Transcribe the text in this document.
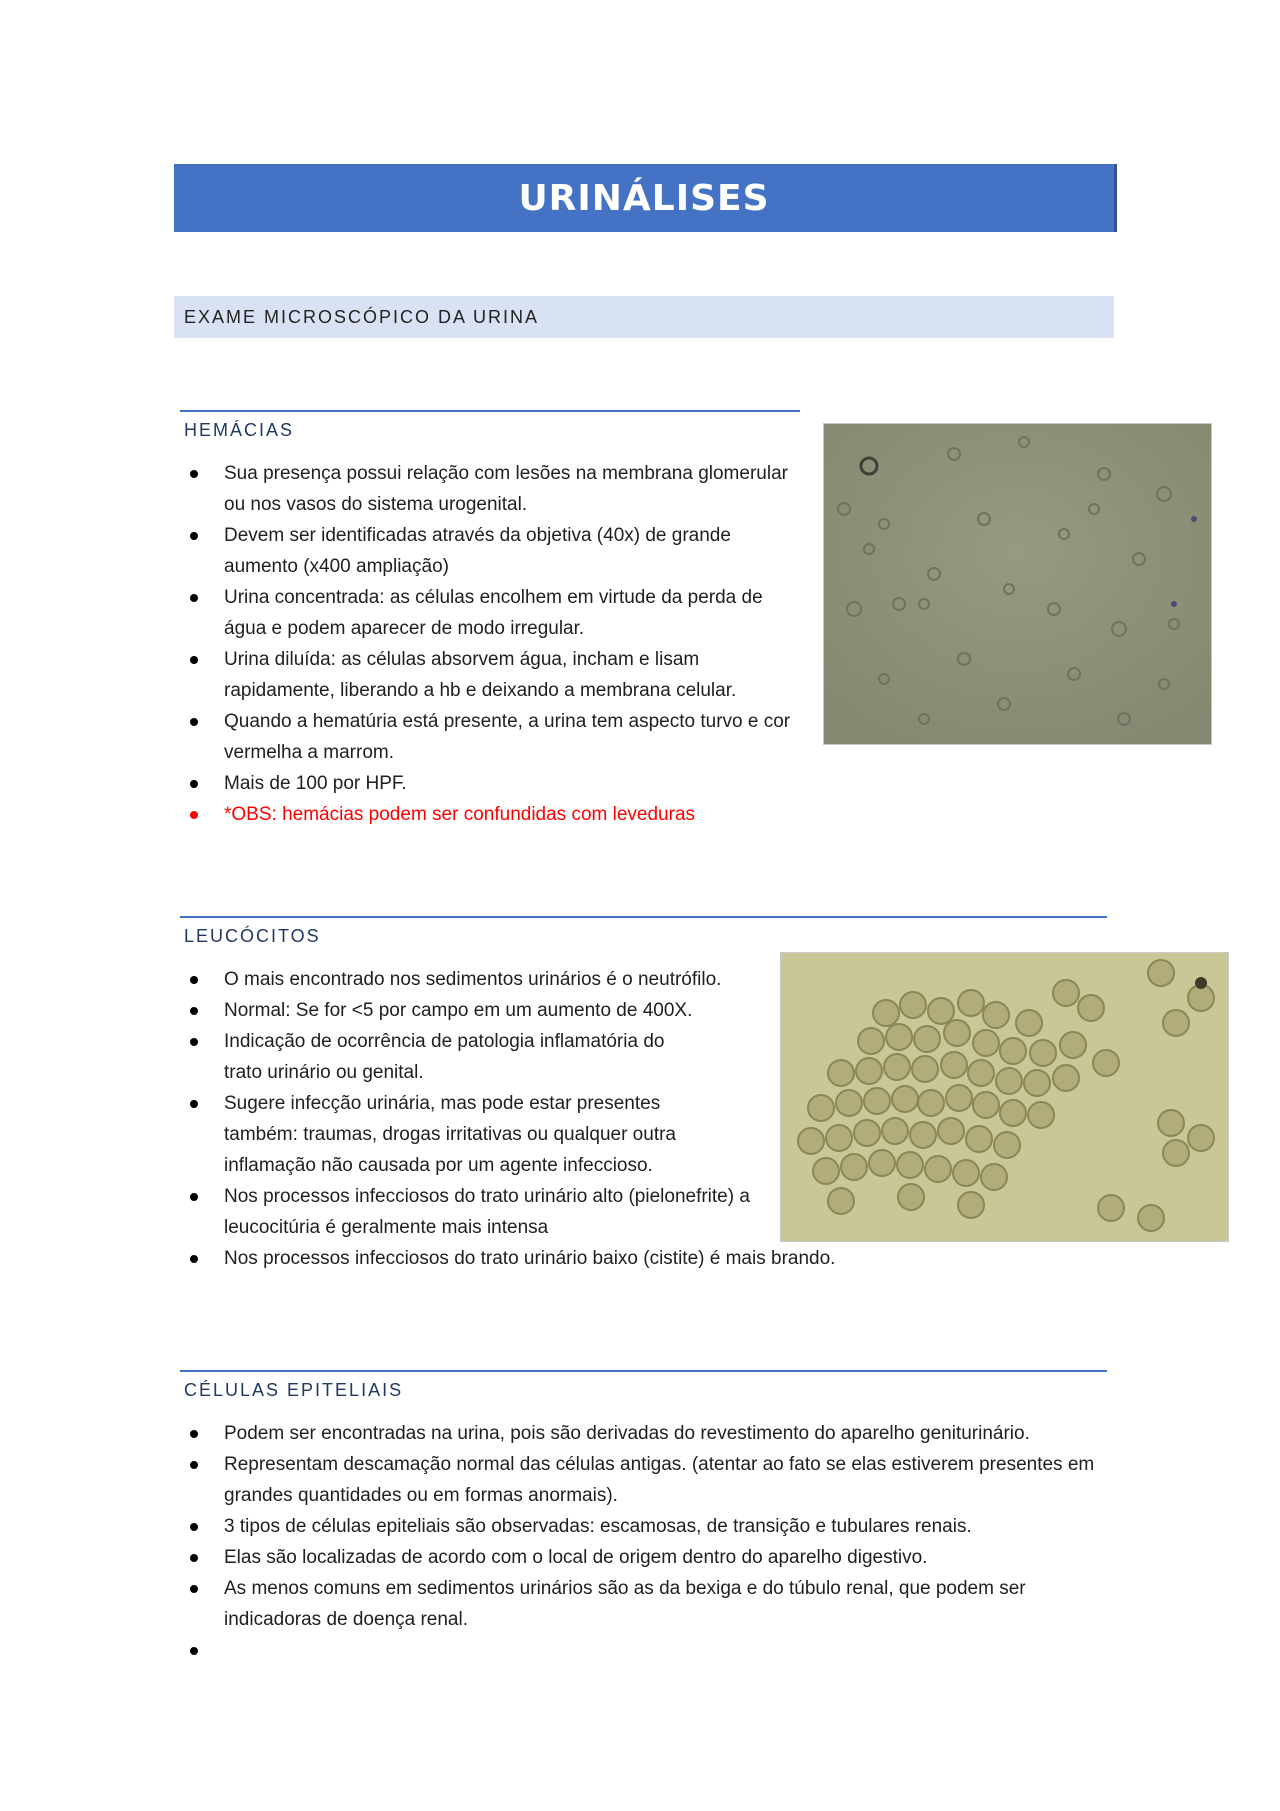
URINÁLISES
EXAME MICROSCÓPICO DA URINA
HEMÁCIAS
Sua presença possui relação com lesões na membrana glomerular ou nos vasos do sistema urogenital.
Devem ser identificadas através da objetiva (40x) de grande aumento (x400 ampliação)
Urina concentrada: as células encolhem em virtude da perda de água e podem aparecer de modo irregular.
Urina diluída: as células absorvem água, incham e lisam rapidamente, liberando a hb e deixando a membrana celular.
Quando a hematúria está presente, a urina tem aspecto turvo e cor vermelha a marrom.
Mais de 100 por HPF.
*OBS: hemácias podem ser confundidas com leveduras
LEUCÓCITOS
O mais encontrado nos sedimentos urinários é o neutrófilo.
Normal: Se for <5 por campo em um aumento de 400X.
Indicação de ocorrência de patologia inflamatória do trato urinário ou genital.
Sugere infecção urinária, mas pode estar presentes também: traumas, drogas irritativas ou qualquer outra inflamação não causada por um agente infeccioso.
Nos processos infecciosos do trato urinário alto (pielonefrite) a leucocitúria é geralmente mais intensa
Nos processos infecciosos do trato urinário baixo (cistite) é mais brando.
CÉLULAS EPITELIAIS
Podem ser encontradas na urina, pois são derivadas do revestimento do aparelho geniturinário.
Representam descamação normal das células antigas. (atentar ao fato se elas estiverem presentes em grandes quantidades ou em formas anormais).
3 tipos de células epiteliais são observadas: escamosas, de transição e tubulares renais.
Elas são localizadas de acordo com o local de origem dentro do aparelho digestivo.
As menos comuns em sedimentos urinários são as da bexiga e do túbulo renal, que podem ser indicadoras de doença renal.
